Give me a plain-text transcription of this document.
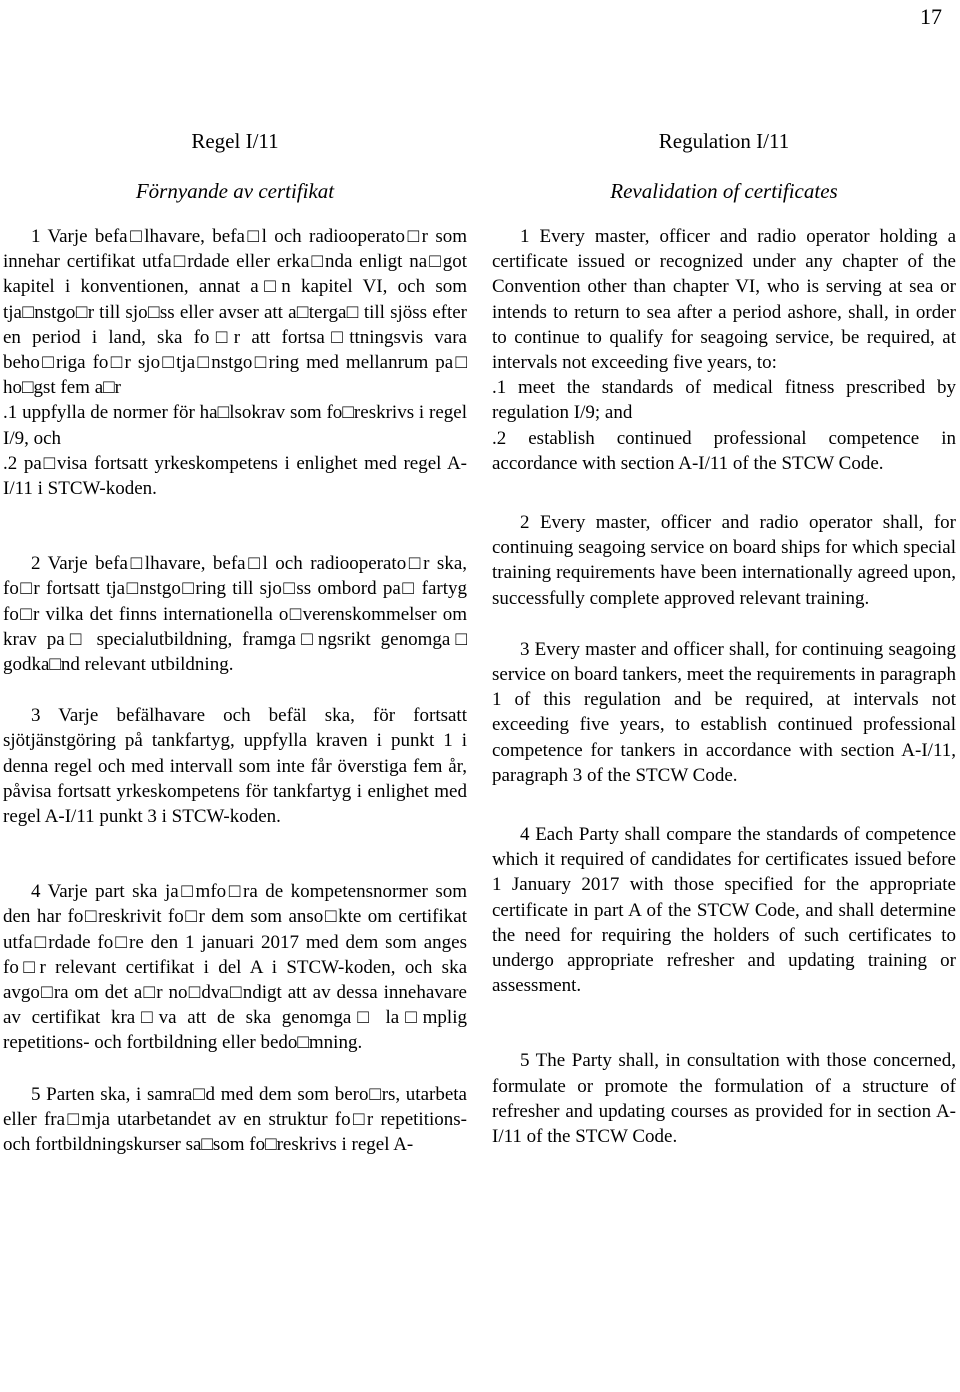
17
Regel I/11
Förnyande av certifikat

1 Varje befa□lhavare, befa□l och radiooperato□r som innehar certifikat utfa□rdade eller erka□nda enligt na□got kapitel i konventionen, annat a□n kapitel VI, och som tja□nstgo□r till sjo□ss eller avser att a□terga□ till sjöss efter en period i land, ska fo□r att fortsa□ttningsvis vara beho□riga fo□r sjo□tja□nstgo□ring med mellanrum pa□ ho□gst fem a□r

.1 uppfylla de normer för ha□lsokrav som fo□reskrivs i regel I/9, och

.2 pa□visa fortsatt yrkeskompetens i enlighet med regel A-I/11 i STCW-koden.

2 Varje befa□lhavare, befa□l och radiooperato□r ska, fo□r fortsatt tja□nstgo□ring till sjo□ss ombord pa□ fartyg fo□r vilka det finns internationella o□verenskommelser om krav pa□ specialutbildning, framga□ngsrikt genomga□ godka□nd relevant utbildning.

3 Varje befälhavare och befäl ska, för fortsatt sjötjänstgöring på tankfartyg, uppfylla kraven i punkt 1 i denna regel och med intervall som inte får överstiga fem år, påvisa fortsatt yrkeskompetens för tankfartyg i enlighet med regel A-I/11 punkt 3 i STCW-koden.

4 Varje part ska ja□mfo□ra de kompetensnormer som den har fo□reskrivit fo□r dem som anso□kte om certifikat utfa□rdade fo□re den 1 januari 2017 med dem som anges fo□r relevant certifikat i del A i STCW-koden, och ska avgo□ra om det a□r no□dva□ndigt att av dessa innehavare av certifikat kra□va att de ska genomga□ la□mplig repetitions- och fortbildning eller bedo□mning.

5 Parten ska, i samra□d med dem som bero□rs, utarbeta eller fra□mja utarbetandet av en struktur fo□r repetitions- och fortbildningskurser sa□som fo□reskrivs i regel A-

Regulation I/11
Revalidation of certificates

1 Every master, officer and radio operator holding a certificate issued or recognized under any chapter of the Convention other than chapter VI, who is serving at sea or intends to return to sea after a period ashore, shall, in order to continue to qualify for seagoing service, be required, at intervals not exceeding five years, to:

.1 meet the standards of medical fitness prescribed by regulation I/9; and

.2 establish continued professional competence in accordance with section A-I/11 of the STCW Code.

2 Every master, officer and radio operator shall, for continuing seagoing service on board ships for which special training requirements have been internationally agreed upon, successfully complete approved relevant training.

3 Every master and officer shall, for continuing seagoing service on board tankers, meet the requirements in paragraph 1 of this regulation and be required, at intervals not exceeding five years, to establish continued professional competence for tankers in accordance with section A-I/11, paragraph 3 of the STCW Code.

4 Each Party shall compare the standards of competence which it required of candidates for certificates issued before 1 January 2017 with those specified for the appropriate certificate in part A of the STCW Code, and shall determine the need for requiring the holders of such certificates to undergo appropriate refresher and updating training or assessment.

5 The Party shall, in consultation with those concerned, formulate or promote the formulation of a structure of refresher and updating courses as provided for in section A-I/11 of the STCW Code.
